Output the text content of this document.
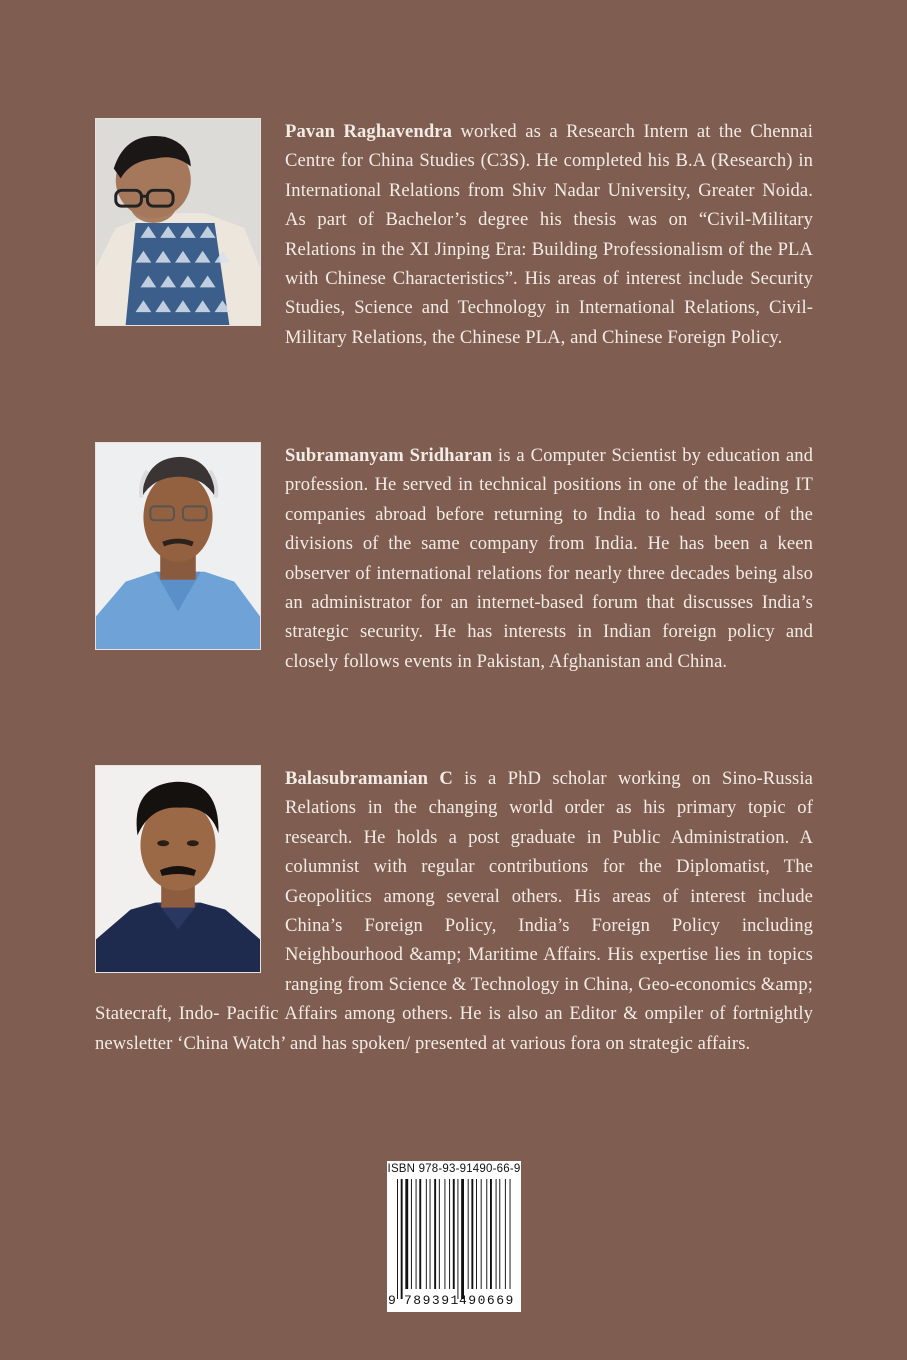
Pavan Raghavendra worked as a Research Intern at the Chennai Centre for China Studies (C3S). He completed his B.A (Research) in International Relations from Shiv Nadar University, Greater Noida. As part of Bachelor’s degree his thesis was on “Civil-Military Relations in the XI Jinping Era: Building Professionalism of the PLA with Chinese Characteristics”. His areas of interest include Security Studies, Science and Technology in International Relations, Civil-Military Relations, the Chinese PLA, and Chinese Foreign Policy.

Subramanyam Sridharan is a Computer Scientist by education and profession. He served in technical positions in one of the leading IT companies abroad before returning to India to head some of the divisions of the same company from India. He has been a keen observer of international relations for nearly three decades being also an administrator for an internet-based forum that discusses India’s strategic security. He has interests in Indian foreign policy and closely follows events in Pakistan, Afghanistan and China.

Balasubramanian C is a PhD scholar working on Sino-Russia Relations in the changing world order as his primary topic of research. He holds a post graduate in Public Administration. A columnist with regular contributions for the Diplomatist, The Geopolitics among several others. His areas of interest include China’s Foreign Policy, India’s Foreign Policy including Neighbourhood &amp; Maritime Affairs. His expertise lies in topics ranging from Science & Technology in China, Geo-economics &amp; Statecraft, Indo- Pacific Affairs among others. He is also an Editor & ompiler of fortnightly newsletter ‘China Watch’ and has spoken/ presented at various fora on strategic affairs.

ISBN 978-93-91490-66-9
9 789391 490669
